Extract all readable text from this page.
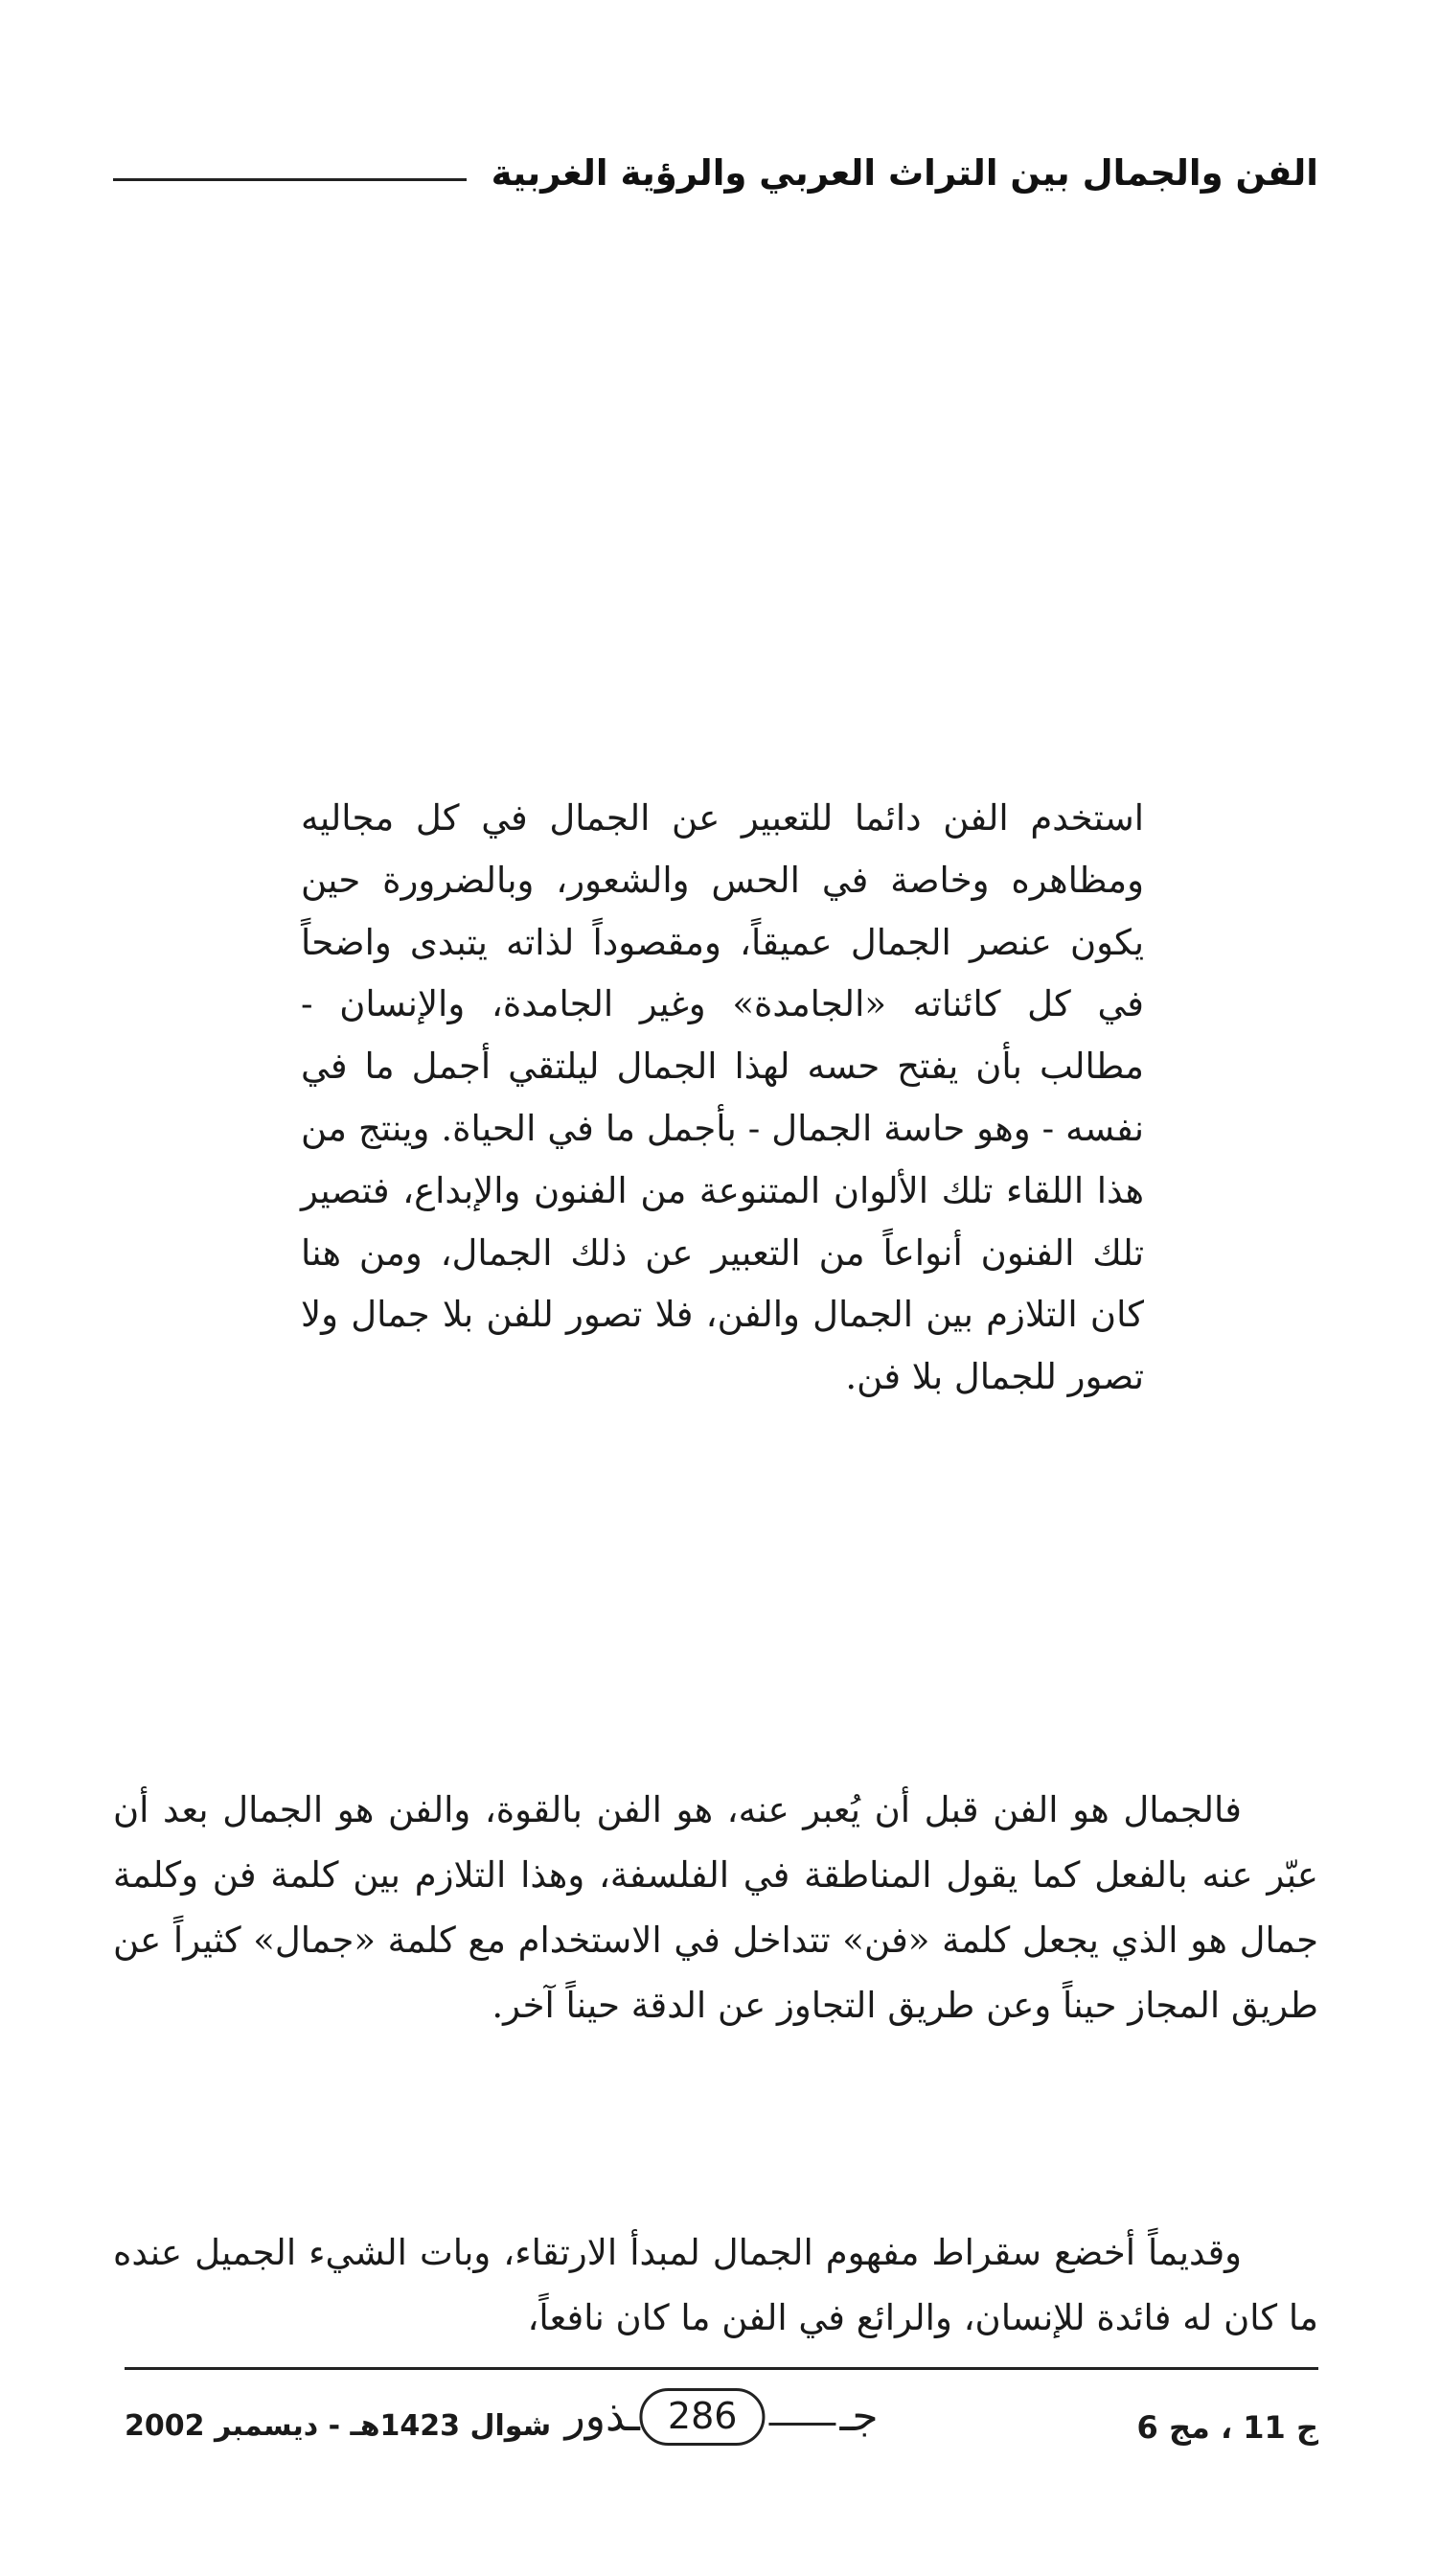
الفن والجمال بين التراث العربي والرؤية الغربية

استخدم الفن دائما للتعبير عن الجمال في كل مجاليه ومظاهره وخاصة في الحس والشعور، وبالضرورة حين يكون عنصر الجمال عميقاً، ومقصوداً لذاته يتبدى واضحاً في كل كائناته «الجامدة» وغير الجامدة، والإنسان - مطالب بأن يفتح حسه لهذا الجمال ليلتقي أجمل ما في نفسه - وهو حاسة الجمال - بأجمل ما في الحياة. وينتج من هذا اللقاء تلك الألوان المتنوعة من الفنون والإبداع، فتصير تلك الفنون أنواعاً من التعبير عن ذلك الجمال، ومن هنا كان التلازم بين الجمال والفن، فلا تصور للفن بلا جمال ولا تصور للجمال بلا فن.

فالجمال هو الفن قبل أن يُعبر عنه، هو الفن بالقوة، والفن هو الجمال بعد أن عبّر عنه بالفعل كما يقول المناطقة في الفلسفة، وهذا التلازم بين كلمة فن وكلمة جمال هو الذي يجعل كلمة «فن» تتداخل في الاستخدام مع كلمة «جمال» كثيراً عن طريق المجاز حيناً وعن طريق التجاوز عن الدقة حيناً آخر.

وقديماً أخضع سقراط مفهوم الجمال لمبدأ الارتقاء، وبات الشيء الجميل عنده ما كان له فائدة للإنسان، والرائع في الفن ما كان نافعاً،

ج 11 ، مج 6
جـ
286
ـذور
شوال 1423هـ - ديسمبر 2002
